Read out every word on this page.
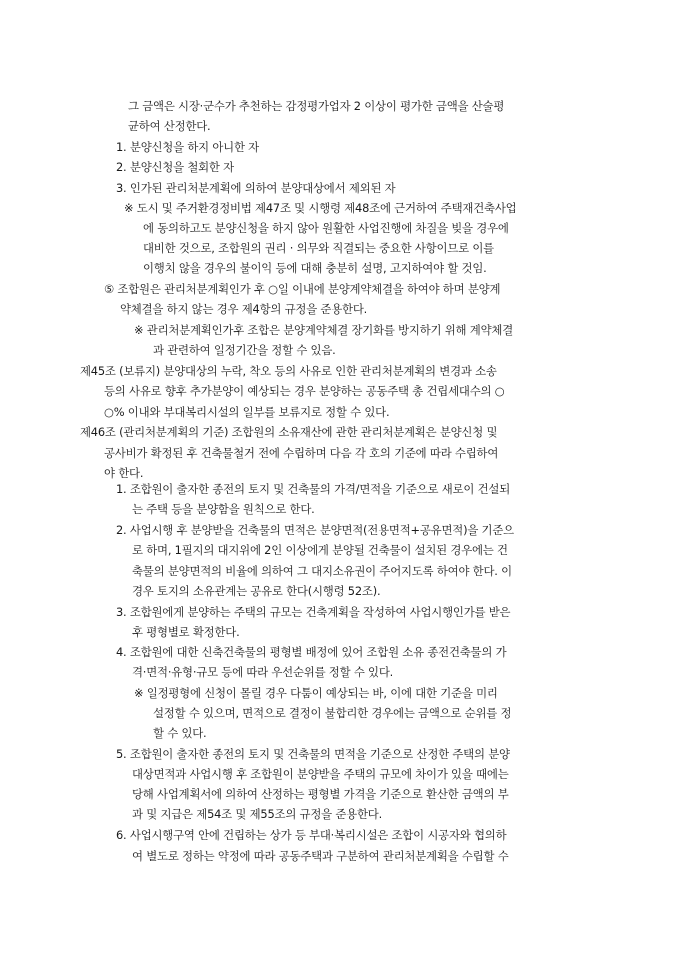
그 금액은 시장·군수가 추천하는 감정평가업자 2 이상이 평가한 금액을 산술평
균하여 산정한다.
1. 분양신청을 하지 아니한 자
2. 분양신청을 철회한 자
3. 인가된 관리처분계획에 의하여 분양대상에서 제외된 자
※ 도시 및 주거환경정비법 제47조 및 시행령 제48조에 근거하여 주택재건축사업
에 동의하고도 분양신청을 하지 않아 원활한 사업진행에 차질을 빚을 경우에
대비한 것으로, 조합원의 권리 · 의무와 직결되는 중요한 사항이므로 이를
이행치 않을 경우의 불이익 등에 대해 충분히 설명, 고지하여야 할 것임.
⑤ 조합원은 관리처분계획인가 후 ○일 이내에 분양계약체결을 하여야 하며 분양계
약체결을 하지 않는 경우 제4항의 규정을 준용한다.
※ 관리처분계획인가후 조합은 분양계약체결 장기화를 방지하기 위해 계약체결
과 관련하여 일정기간을 정할 수 있음.
제45조 (보류지) 분양대상의 누락, 착오 등의 사유로 인한 관리처분계획의 변경과 소송
등의 사유로 향후 추가분양이 예상되는 경우 분양하는 공동주택 총 건립세대수의 ○
○% 이내와 부대복리시설의 일부를 보류지로 정할 수 있다.
제46조 (관리처분계획의 기준) 조합원의 소유재산에 관한 관리처분계획은 분양신청 및
공사비가 확정된 후 건축물철거 전에 수립하며 다음 각 호의 기준에 따라 수립하여
야 한다.
1. 조합원이 출자한 종전의 토지 및 건축물의 가격/면적을 기준으로 새로이 건설되
는 주택 등을 분양함을 원칙으로 한다.
2. 사업시행 후 분양받을 건축물의 면적은 분양면적(전용면적+공유면적)을 기준으
로 하며, 1필지의 대지위에 2인 이상에게 분양될 건축물이 설치된 경우에는 건
축물의 분양면적의 비율에 의하여 그 대지소유권이 주어지도록 하여야 한다. 이
경우 토지의 소유관계는 공유로 한다(시행령 52조).
3. 조합원에게 분양하는 주택의 규모는 건축계획을 작성하여 사업시행인가를 받은
후 평형별로 확정한다.
4. 조합원에 대한 신축건축물의 평형별 배정에 있어 조합원 소유 종전건축물의 가
격·면적·유형·규모 등에 따라 우선순위를 정할 수 있다.
※ 일정평형에 신청이 몰릴 경우 다툼이 예상되는 바, 이에 대한 기준을 미리
설정할 수 있으며, 면적으로 결정이 불합리한 경우에는 금액으로 순위를 정
할 수 있다.
5. 조합원이 출자한 종전의 토지 및 건축물의 면적을 기준으로 산정한 주택의 분양
대상면적과 사업시행 후 조합원이 분양받을 주택의 규모에 차이가 있을 때에는
당해 사업계획서에 의하여 산정하는 평형별 가격을 기준으로 환산한 금액의 부
과 및 지급은 제54조 및 제55조의 규정을 준용한다.
6. 사업시행구역 안에 건립하는 상가 등 부대·복리시설은 조합이 시공자와 협의하
여 별도로 정하는 약정에 따라 공동주택과 구분하여 관리처분계획을 수립할 수
